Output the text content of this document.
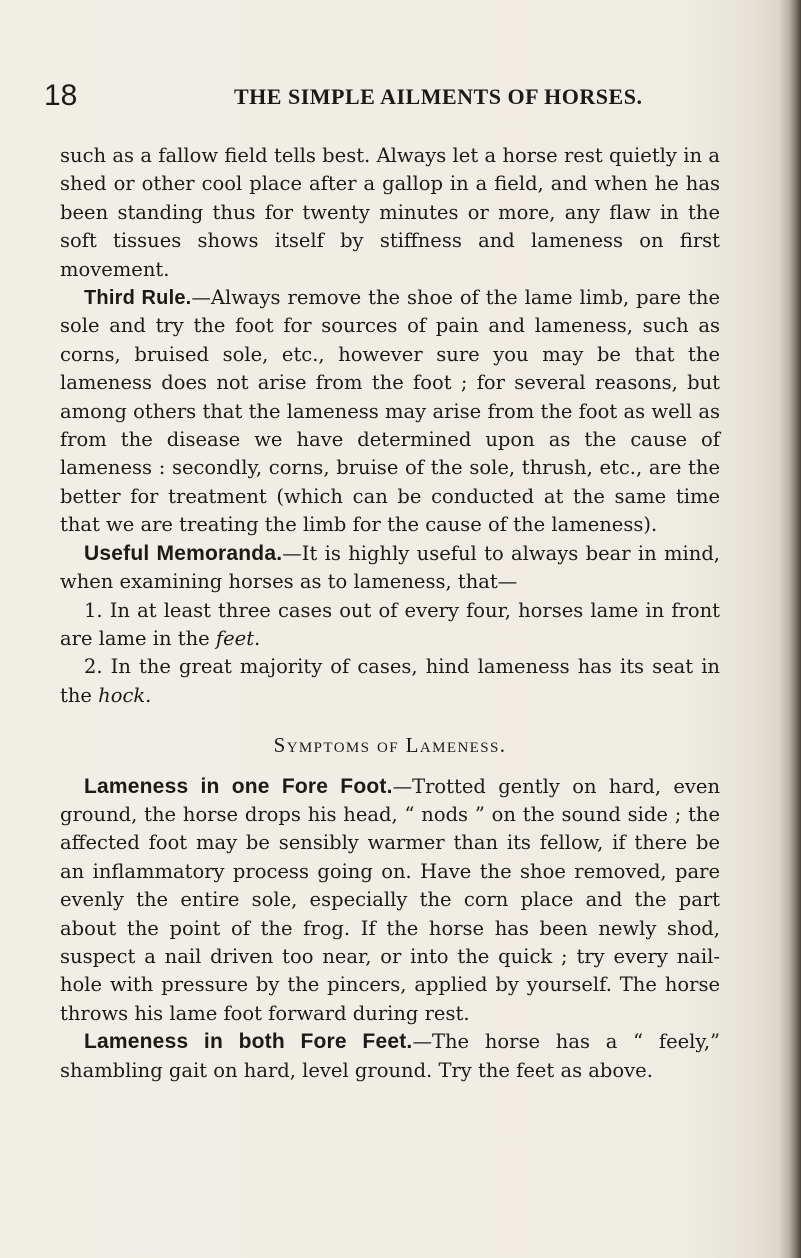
18	THE SIMPLE AILMENTS OF HORSES.

such as a fallow field tells best. Always let a horse rest quietly in a shed or other cool place after a gallop in a field, and when he has been standing thus for twenty minutes or more, any flaw in the soft tissues shows itself by stiffness and lameness on first movement.

Third Rule.—Always remove the shoe of the lame limb, pare the sole and try the foot for sources of pain and lameness, such as corns, bruised sole, etc., however sure you may be that the lameness does not arise from the foot ; for several reasons, but among others that the lameness may arise from the foot as well as from the disease we have determined upon as the cause of lameness : secondly, corns, bruise of the sole, thrush, etc., are the better for treatment (which can be conducted at the same time that we are treating the limb for the cause of the lameness).

Useful Memoranda.—It is highly useful to always bear in mind, when examining horses as to lameness, that—

1. In at least three cases out of every four, horses lame in front are lame in the feet.

2. In the great majority of cases, hind lameness has its seat in the hock.

Symptoms of Lameness.

Lameness in one Fore Foot.—Trotted gently on hard, even ground, the horse drops his head, “ nods ” on the sound side ; the affected foot may be sensibly warmer than its fellow, if there be an inflammatory process going on. Have the shoe removed, pare evenly the entire sole, especially the corn place and the part about the point of the frog. If the horse has been newly shod, suspect a nail driven too near, or into the quick ; try every nail-hole with pressure by the pincers, applied by yourself. The horse throws his lame foot forward during rest.

Lameness in both Fore Feet.—The horse has a “ feely,” shambling gait on hard, level ground. Try the feet as above.
